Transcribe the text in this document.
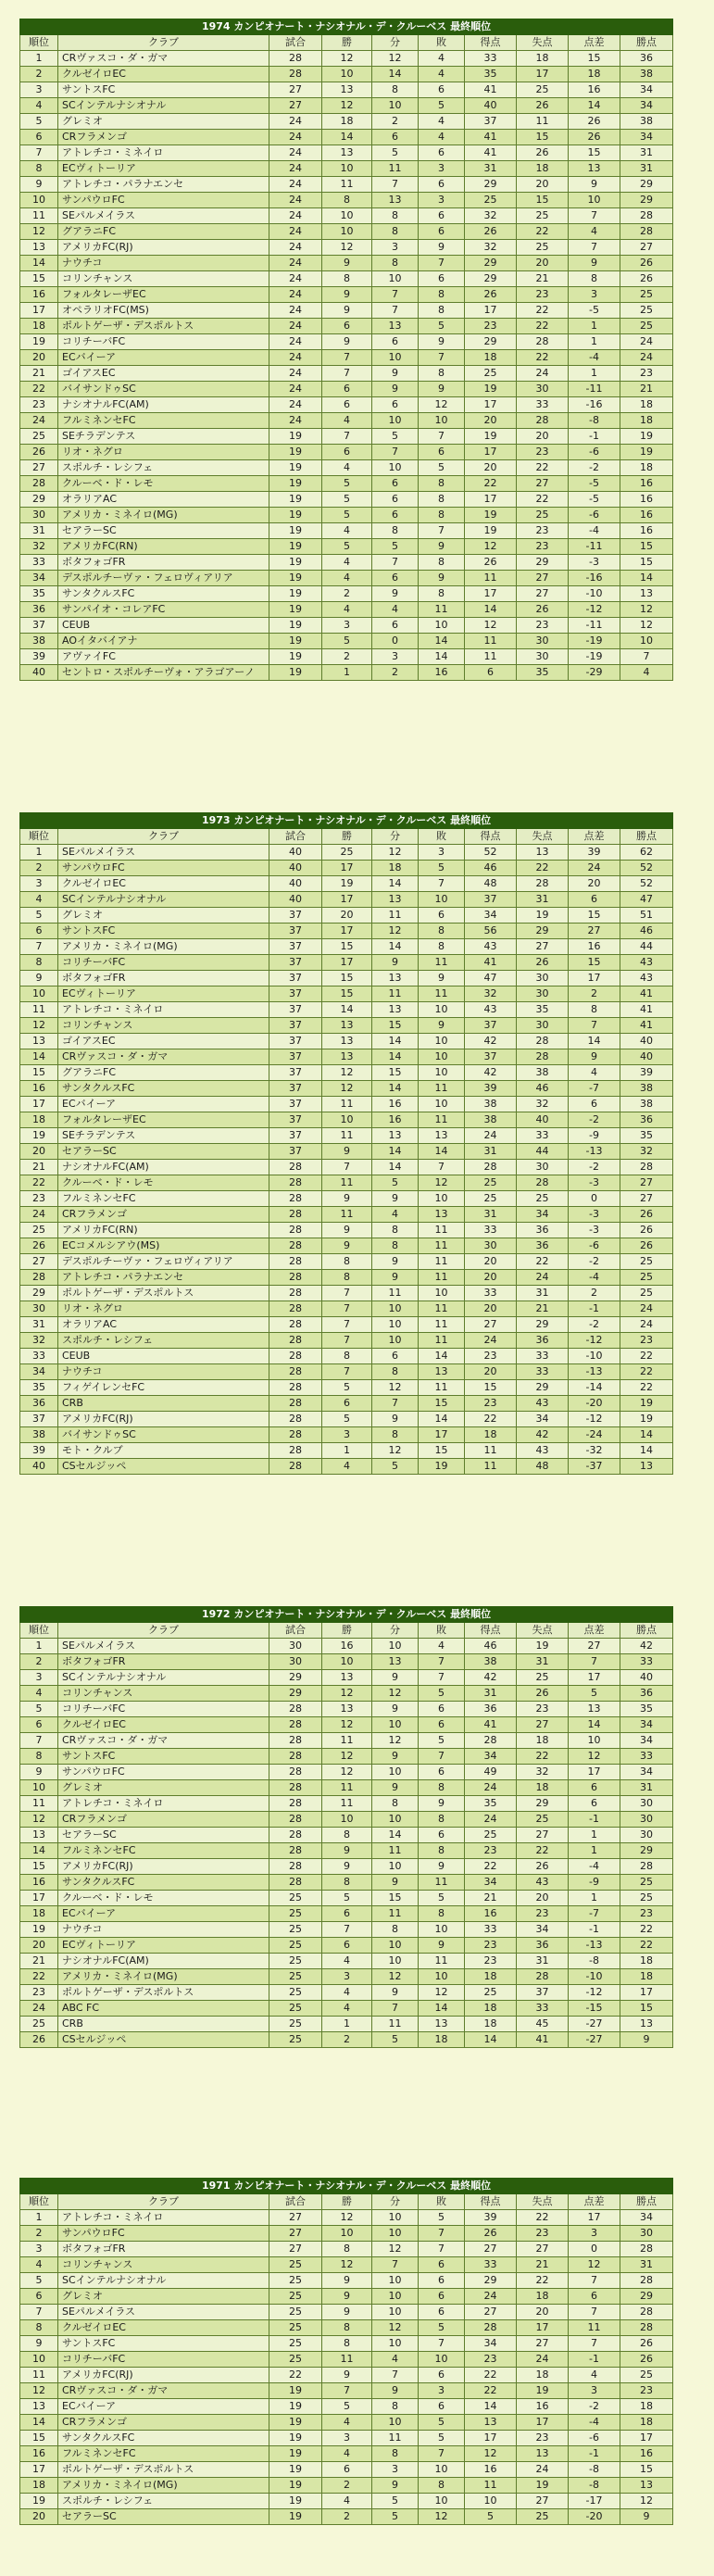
1974 カンピオナート・ナシオナル・デ・クルーベス 最終順位									
順位	クラブ	試合	勝	分	敗	得点	失点	点差	勝点
1	CRヴァスコ・ダ・ガマ	28	12	12	4	33	18	15	36
2	クルゼイロEC	28	10	14	4	35	17	18	38
3	サントスFC	27	13	8	6	41	25	16	34
4	SCインテルナシオナル	27	12	10	5	40	26	14	34
5	グレミオ	24	18	2	4	37	11	26	38
6	CRフラメンゴ	24	14	6	4	41	15	26	34
7	アトレチコ・ミネイロ	24	13	5	6	41	26	15	31
8	ECヴィトーリア	24	10	11	3	31	18	13	31
9	アトレチコ・パラナエンセ	24	11	7	6	29	20	9	29
10	サンパウロFC	24	8	13	3	25	15	10	29
11	SEパルメイラス	24	10	8	6	32	25	7	28
12	グアラニFC	24	10	8	6	26	22	4	28
13	アメリカFC(RJ)	24	12	3	9	32	25	7	27
14	ナウチコ	24	9	8	7	29	20	9	26
15	コリンチャンス	24	8	10	6	29	21	8	26
16	フォルタレーザEC	24	9	7	8	26	23	3	25
17	オペラリオFC(MS)	24	9	7	8	17	22	-5	25
18	ポルトゲーザ・デスポルトス	24	6	13	5	23	22	1	25
19	コリチーバFC	24	9	6	9	29	28	1	24
20	ECバイーア	24	7	10	7	18	22	-4	24
21	ゴイアスEC	24	7	9	8	25	24	1	23
22	バイサンドゥSC	24	6	9	9	19	30	-11	21
23	ナシオナルFC(AM)	24	6	6	12	17	33	-16	18
24	フルミネンセFC	24	4	10	10	20	28	-8	18
25	SEチラデンテス	19	7	5	7	19	20	-1	19
26	リオ・ネグロ	19	6	7	6	17	23	-6	19
27	スポルチ・レシフェ	19	4	10	5	20	22	-2	18
28	クルーベ・ド・レモ	19	5	6	8	22	27	-5	16
29	オラリアAC	19	5	6	8	17	22	-5	16
30	アメリカ・ミネイロ(MG)	19	5	6	8	19	25	-6	16
31	セアラーSC	19	4	8	7	19	23	-4	16
32	アメリカFC(RN)	19	5	5	9	12	23	-11	15
33	ボタフォゴFR	19	4	7	8	26	29	-3	15
34	デスポルチーヴァ・フェロヴィアリア	19	4	6	9	11	27	-16	14
35	サンタクルスFC	19	2	9	8	17	27	-10	13
36	サンパイオ・コレアFC	19	4	4	11	14	26	-12	12
37	CEUB	19	3	6	10	12	23	-11	12
38	AOイタバイアナ	19	5	0	14	11	30	-19	10
39	アヴァイFC	19	2	3	14	11	30	-19	7
40	セントロ・スポルチーヴォ・アラゴアーノ	19	1	2	16	6	35	-29	4
1973 カンピオナート・ナシオナル・デ・クルーベス 最終順位									
順位	クラブ	試合	勝	分	敗	得点	失点	点差	勝点
1	SEパルメイラス	40	25	12	3	52	13	39	62
2	サンパウロFC	40	17	18	5	46	22	24	52
3	クルゼイロEC	40	19	14	7	48	28	20	52
4	SCインテルナシオナル	40	17	13	10	37	31	6	47
5	グレミオ	37	20	11	6	34	19	15	51
6	サントスFC	37	17	12	8	56	29	27	46
7	アメリカ・ミネイロ(MG)	37	15	14	8	43	27	16	44
8	コリチーバFC	37	17	9	11	41	26	15	43
9	ボタフォゴFR	37	15	13	9	47	30	17	43
10	ECヴィトーリア	37	15	11	11	32	30	2	41
11	アトレチコ・ミネイロ	37	14	13	10	43	35	8	41
12	コリンチャンス	37	13	15	9	37	30	7	41
13	ゴイアスEC	37	13	14	10	42	28	14	40
14	CRヴァスコ・ダ・ガマ	37	13	14	10	37	28	9	40
15	グアラニFC	37	12	15	10	42	38	4	39
16	サンタクルスFC	37	12	14	11	39	46	-7	38
17	ECバイーア	37	11	16	10	38	32	6	38
18	フォルタレーザEC	37	10	16	11	38	40	-2	36
19	SEチラデンテス	37	11	13	13	24	33	-9	35
20	セアラーSC	37	9	14	14	31	44	-13	32
21	ナシオナルFC(AM)	28	7	14	7	28	30	-2	28
22	クルーベ・ド・レモ	28	11	5	12	25	28	-3	27
23	フルミネンセFC	28	9	9	10	25	25	0	27
24	CRフラメンゴ	28	11	4	13	31	34	-3	26
25	アメリカFC(RN)	28	9	8	11	33	36	-3	26
26	ECコメルシアウ(MS)	28	9	8	11	30	36	-6	26
27	デスポルチーヴァ・フェロヴィアリア	28	8	9	11	20	22	-2	25
28	アトレチコ・パラナエンセ	28	8	9	11	20	24	-4	25
29	ポルトゲーザ・デスポルトス	28	7	11	10	33	31	2	25
30	リオ・ネグロ	28	7	10	11	20	21	-1	24
31	オラリアAC	28	7	10	11	27	29	-2	24
32	スポルチ・レシフェ	28	7	10	11	24	36	-12	23
33	CEUB	28	8	6	14	23	33	-10	22
34	ナウチコ	28	7	8	13	20	33	-13	22
35	フィゲイレンセFC	28	5	12	11	15	29	-14	22
36	CRB	28	6	7	15	23	43	-20	19
37	アメリカFC(RJ)	28	5	9	14	22	34	-12	19
38	バイサンドゥSC	28	3	8	17	18	42	-24	14
39	モト・クルブ	28	1	12	15	11	43	-32	14
40	CSセルジッペ	28	4	5	19	11	48	-37	13
1972 カンピオナート・ナシオナル・デ・クルーベス 最終順位									
順位	クラブ	試合	勝	分	敗	得点	失点	点差	勝点
1	SEパルメイラス	30	16	10	4	46	19	27	42
2	ボタフォゴFR	30	10	13	7	38	31	7	33
3	SCインテルナシオナル	29	13	9	7	42	25	17	40
4	コリンチャンス	29	12	12	5	31	26	5	36
5	コリチーバFC	28	13	9	6	36	23	13	35
6	クルゼイロEC	28	12	10	6	41	27	14	34
7	CRヴァスコ・ダ・ガマ	28	11	12	5	28	18	10	34
8	サントスFC	28	12	9	7	34	22	12	33
9	サンパウロFC	28	12	10	6	49	32	17	34
10	グレミオ	28	11	9	8	24	18	6	31
11	アトレチコ・ミネイロ	28	11	8	9	35	29	6	30
12	CRフラメンゴ	28	10	10	8	24	25	-1	30
13	セアラーSC	28	8	14	6	25	27	1	30
14	フルミネンセFC	28	9	11	8	23	22	1	29
15	アメリカFC(RJ)	28	9	10	9	22	26	-4	28
16	サンタクルスFC	28	8	9	11	34	43	-9	25
17	クルーベ・ド・レモ	25	5	15	5	21	20	1	25
18	ECバイーア	25	6	11	8	16	23	-7	23
19	ナウチコ	25	7	8	10	33	34	-1	22
20	ECヴィトーリア	25	6	10	9	23	36	-13	22
21	ナシオナルFC(AM)	25	4	10	11	23	31	-8	18
22	アメリカ・ミネイロ(MG)	25	3	12	10	18	28	-10	18
23	ポルトゲーザ・デスポルトス	25	4	9	12	25	37	-12	17
24	ABC FC	25	4	7	14	18	33	-15	15
25	CRB	25	1	11	13	18	45	-27	13
26	CSセルジッペ	25	2	5	18	14	41	-27	9
1971 カンピオナート・ナシオナル・デ・クルーベス 最終順位									
順位	クラブ	試合	勝	分	敗	得点	失点	点差	勝点
1	アトレチコ・ミネイロ	27	12	10	5	39	22	17	34
2	サンパウロFC	27	10	10	7	26	23	3	30
3	ボタフォゴFR	27	8	12	7	27	27	0	28
4	コリンチャンス	25	12	7	6	33	21	12	31
5	SCインテルナシオナル	25	9	10	6	29	22	7	28
6	グレミオ	25	9	10	6	24	18	6	29
7	SEパルメイラス	25	9	10	6	27	20	7	28
8	クルゼイロEC	25	8	12	5	28	17	11	28
9	サントスFC	25	8	10	7	34	27	7	26
10	コリチーバFC	25	11	4	10	23	24	-1	26
11	アメリカFC(RJ)	22	9	7	6	22	18	4	25
12	CRヴァスコ・ダ・ガマ	19	7	9	3	22	19	3	23
13	ECバイーア	19	5	8	6	14	16	-2	18
14	CRフラメンゴ	19	4	10	5	13	17	-4	18
15	サンタクルスFC	19	3	11	5	17	23	-6	17
16	フルミネンセFC	19	4	8	7	12	13	-1	16
17	ポルトゲーザ・デスポルトス	19	6	3	10	16	24	-8	15
18	アメリカ・ミネイロ(MG)	19	2	9	8	11	19	-8	13
19	スポルチ・レシフェ	19	4	5	10	10	27	-17	12
20	セアラーSC	19	2	5	12	5	25	-20	9
